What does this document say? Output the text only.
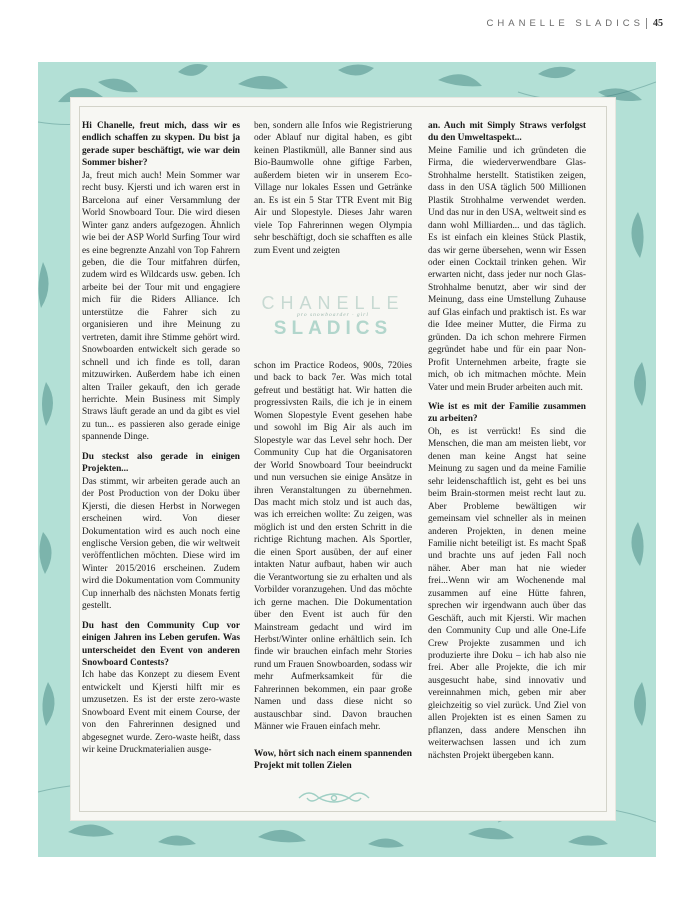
CHANELLE SLADICS 45

Hi Chanelle, freut mich, dass wir es endlich schaffen zu skypen. Du bist ja gerade super beschäftigt, wie war dein Sommer bisher?

Ja, freut mich auch! Mein Sommer war recht busy. Kjersti und ich waren erst in Barcelona auf einer Versammlung der World Snowboard Tour. Die wird diesen Winter ganz anders aufgezogen. Ähnlich wie bei der ASP World Surfing Tour wird es eine begrenzte Anzahl von Top Fahrern geben, die die Tour mitfahren dürfen, zudem wird es Wildcards usw. geben. Ich arbeite bei der Tour mit und engagiere mich für die Riders Alliance. Ich unterstütze die Fahrer sich zu organisieren und ihre Meinung zu vertreten, damit ihre Stimme gehört wird. Snowboarden entwickelt sich gerade so schnell und ich finde es toll, daran mitzuwirken. Außerdem habe ich einen alten Trailer gekauft, den ich gerade herrichte. Mein Business mit Simply Straws läuft gerade an und da gibt es viel zu tun... es passieren also gerade einige spannende Dinge.

Du steckst also gerade in einigen Projekten...

Das stimmt, wir arbeiten gerade auch an der Post Production von der Doku über Kjersti, die diesen Herbst in Norwegen erscheinen wird. Von dieser Dokumentation wird es auch noch eine englische Version geben, die wir weltweit veröffentlichen möchten. Diese wird im Winter 2015/2016 erscheinen. Zudem wird die Dokumentation vom Community Cup innerhalb des nächsten Monats fertig gestellt.

Du hast den Community Cup vor einigen Jahren ins Leben gerufen. Was unterscheidet den Event von anderen Snowboard Contests?

Ich habe das Konzept zu diesem Event entwickelt und Kjersti hilft mir es umzusetzen. Es ist der erste zero-waste Snowboard Event mit einem Course, der von den Fahrerinnen designed und abgesegnet wurde. Zero-waste heißt, dass wir keine Druckmaterialien ausge-

ben, sondern alle Infos wie Registrierung oder Ablauf nur digital haben, es gibt keinen Plastikmüll, alle Banner sind aus Bio-Baumwolle ohne giftige Farben, außerdem bieten wir in unserem Eco-Village nur lokales Essen und Getränke an. Es ist ein 5 Star TTR Event mit Big Air und Slopestyle. Dieses Jahr waren viele Top Fahrerinnen wegen Olympia sehr beschäftigt, doch sie schafften es alle zum Event und zeigten

CHANELLE
pro snowboarder · girl
SLADICS

schon im Practice Rodeos, 900s, 720ies und back to back 7er. Was mich total gefreut und bestätigt hat. Wir hatten die progressivsten Rails, die ich je in einem Women Slopestyle Event gesehen habe und sowohl im Big Air als auch im Slopestyle war das Level sehr hoch. Der Community Cup hat die Organisatoren der World Snowboard Tour beeindruckt und nun versuchen sie einige Ansätze in ihren Veranstaltungen zu übernehmen. Das macht mich stolz und ist auch das, was ich erreichen wollte: Zu zeigen, was möglich ist und den ersten Schritt in die richtige Richtung machen. Als Sportler, die einen Sport ausüben, der auf einer intakten Natur aufbaut, haben wir auch die Verantwortung sie zu erhalten und als Vorbilder voranzugehen. Und das möchte ich gerne machen. Die Dokumentation über den Event ist auch für den Mainstream gedacht und wird im Herbst/Winter online erhältlich sein. Ich finde wir brauchen einfach mehr Stories rund um Frauen Snowboarden, sodass wir mehr Aufmerksamkeit für die Fahrerinnen bekommen, ein paar große Namen und dass diese nicht so austauschbar sind. Davon brauchen Männer wie Frauen einfach mehr.

Wow, hört sich nach einem spannenden Projekt mit tollen Zielen

an. Auch mit Simply Straws verfolgst du den Umweltaspekt...

Meine Familie und ich gründeten die Firma, die wiederverwendbare Glas-Strohhalme herstellt. Statistiken zeigen, dass in den USA täglich 500 Millionen Plastik Strohhalme verwendet werden. Und das nur in den USA, weltweit sind es dann wohl Milliarden... und das täglich. Es ist einfach ein kleines Stück Plastik, das wir gerne übersehen, wenn wir Essen oder einen Cocktail trinken gehen. Wir erwarten nicht, dass jeder nur noch Glas-Strohhalme benutzt, aber wir sind der Meinung, dass eine Umstellung Zuhause auf Glas einfach und praktisch ist. Es war die Idee meiner Mutter, die Firma zu gründen. Da ich schon mehrere Firmen gegründet habe und für ein paar Non-Profit Unternehmen arbeite, fragte sie mich, ob ich mitmachen möchte. Mein Vater und mein Bruder arbeiten auch mit.

Wie ist es mit der Familie zusammen zu arbeiten?

Oh, es ist verrückt! Es sind die Menschen, die man am meisten liebt, vor denen man keine Angst hat seine Meinung zu sagen und da meine Familie sehr leidenschaftlich ist, geht es bei uns beim Brain-stormen meist recht laut zu. Aber Probleme bewältigen wir gemeinsam viel schneller als in meinen anderen Projekten, in denen meine Familie nicht beteiligt ist. Es macht Spaß und brachte uns auf jeden Fall noch näher. Aber man hat nie wieder frei...Wenn wir am Wochenende mal zusammen auf eine Hütte fahren, sprechen wir irgendwann auch über das Geschäft, auch mit Kjersti. Wir machen den Community Cup und alle One-Life Crew Projekte zusammen und ich produzierte ihre Doku – ich hab also nie frei. Aber alle Projekte, die ich mir ausgesucht habe, sind innovativ und vereinnahmen mich, geben mir aber gleichzeitig so viel zurück. Und Ziel von allen Projekten ist es einen Samen zu pflanzen, dass andere Menschen ihn weiterwachsen lassen und ich zum nächsten Projekt übergeben kann.
